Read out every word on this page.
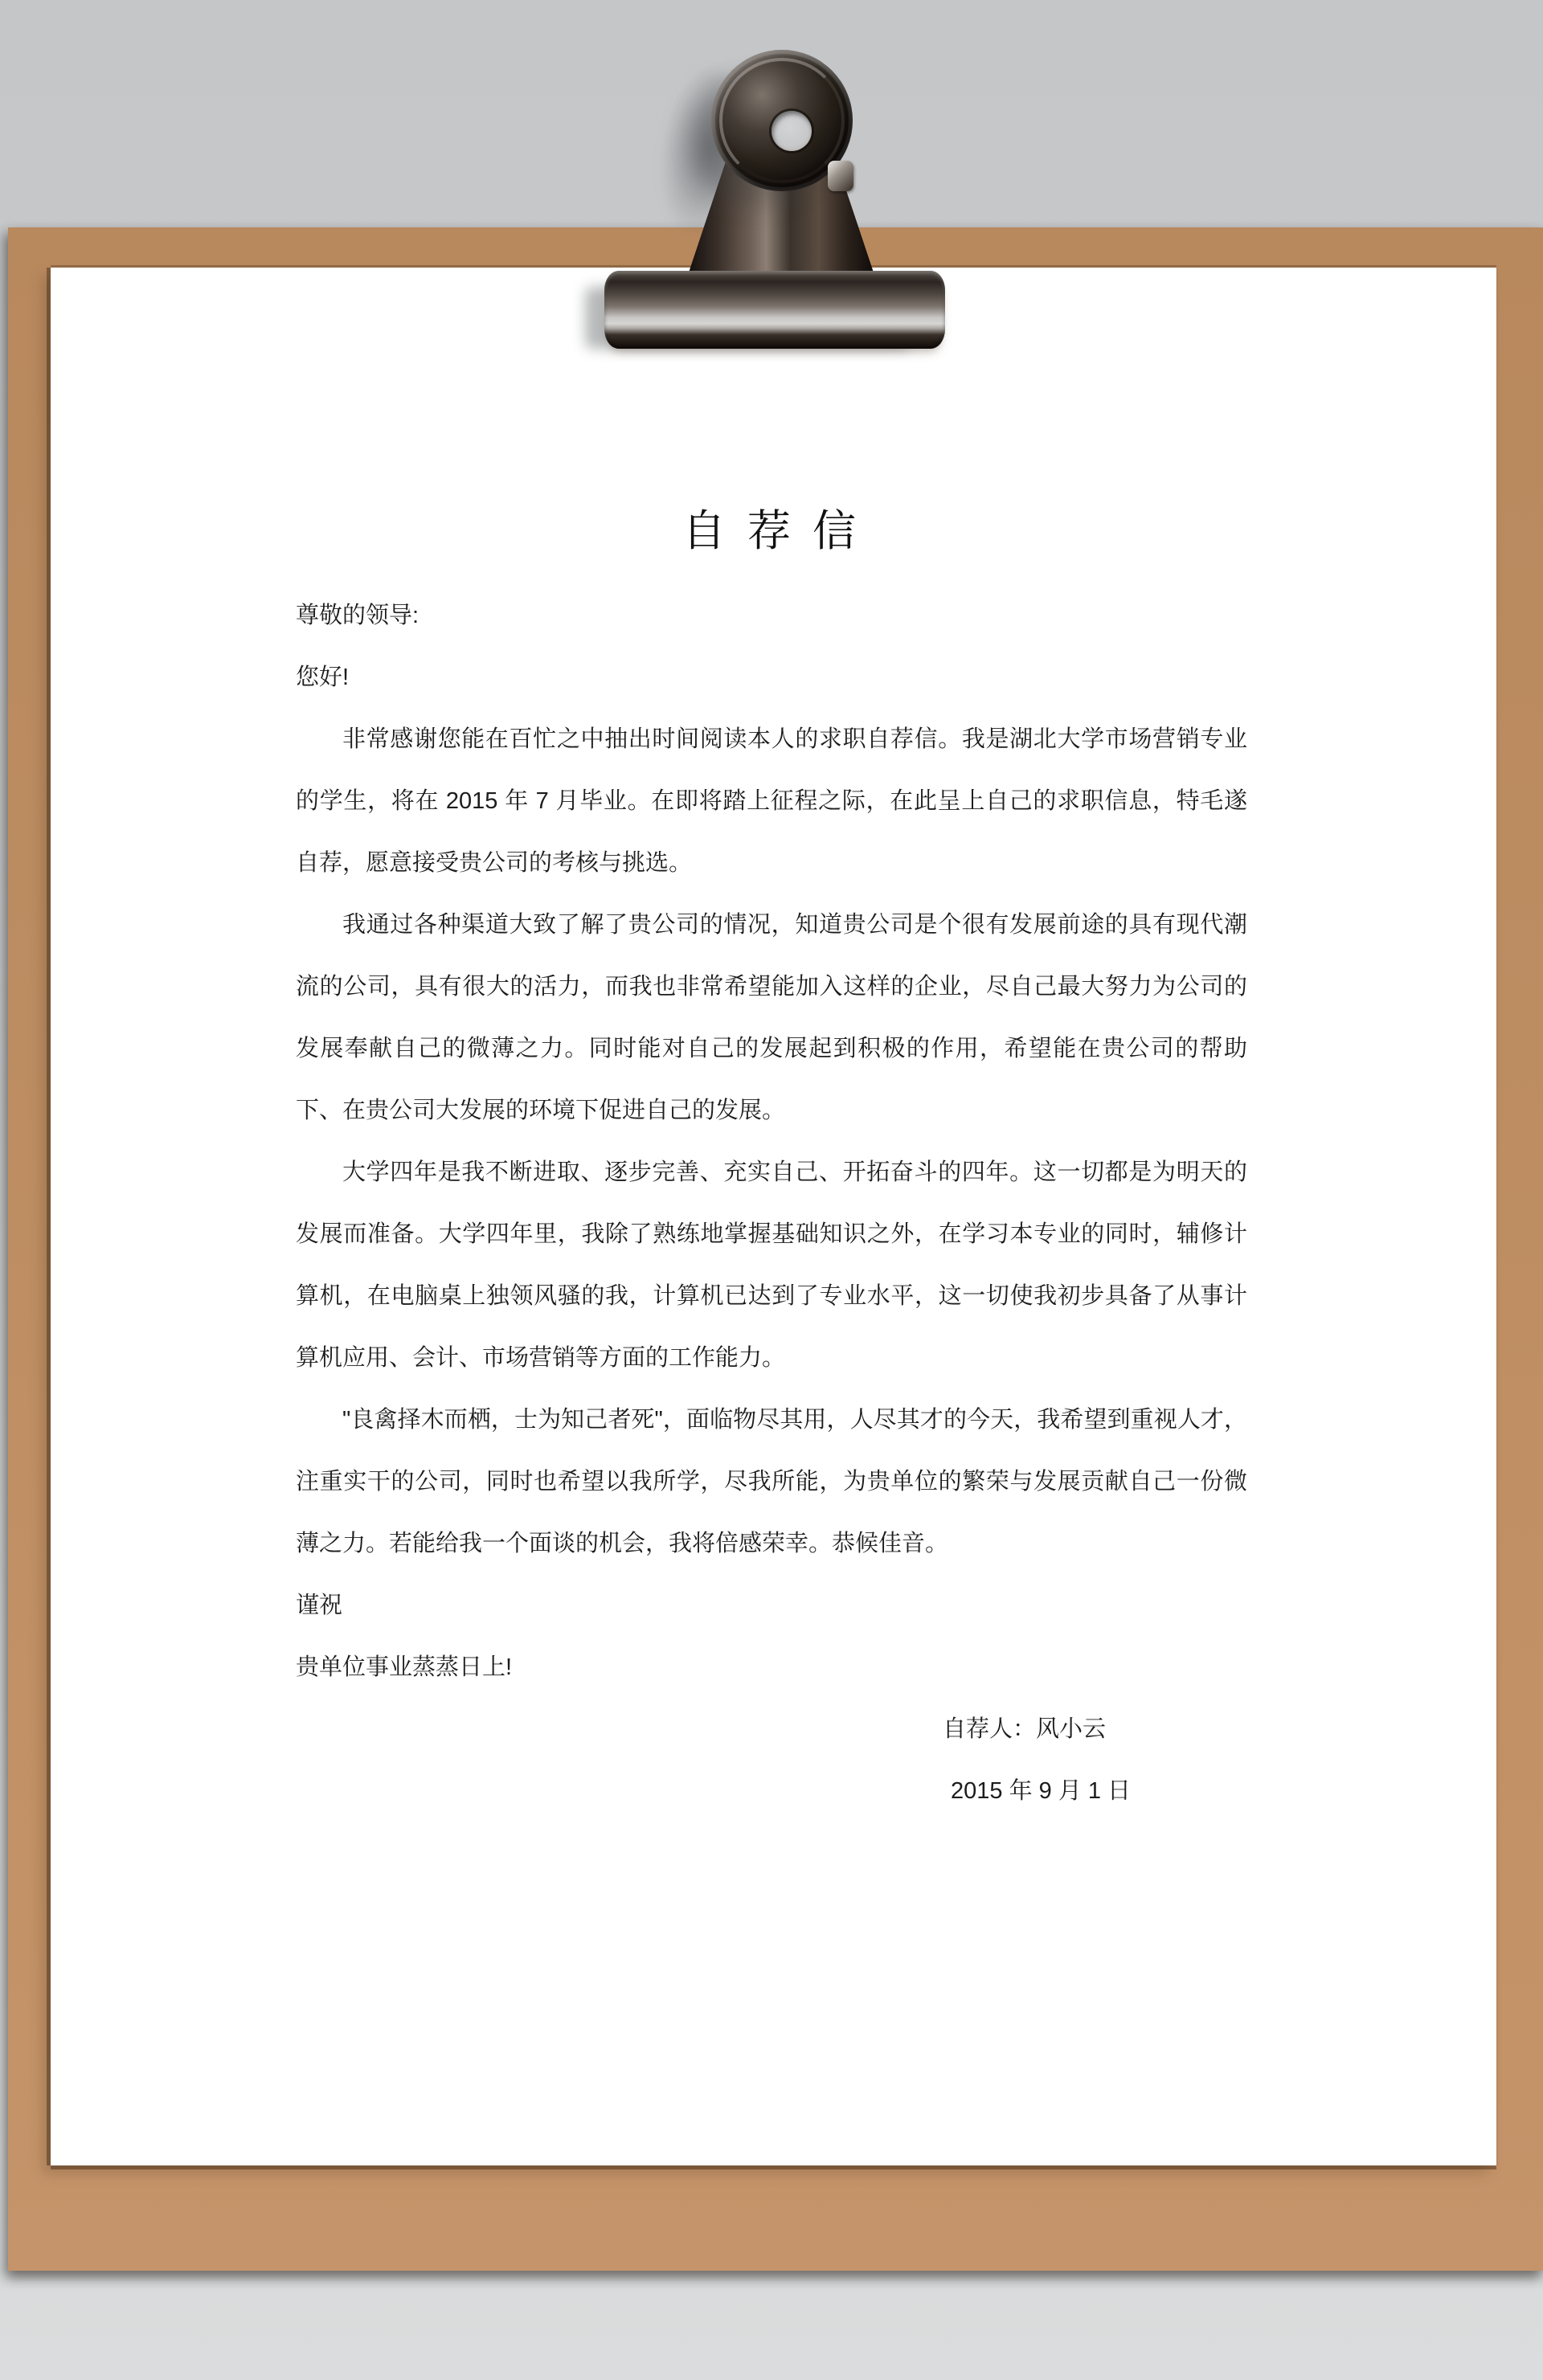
自 荐 信

尊敬的领导:

您好!

非常感谢您能在百忙之中抽出时间阅读本人的求职自荐信。我是湖北大学市场营销专业的学生，将在 2015 年 7 月毕业。在即将踏上征程之际，在此呈上自己的求职信息，特毛遂自荐，愿意接受贵公司的考核与挑选。

我通过各种渠道大致了解了贵公司的情况，知道贵公司是个很有发展前途的具有现代潮流的公司，具有很大的活力，而我也非常希望能加入这样的企业，尽自己最大努力为公司的发展奉献自己的微薄之力。同时能对自己的发展起到积极的作用，希望能在贵公司的帮助下、在贵公司大发展的环境下促进自己的发展。

大学四年是我不断进取、逐步完善、充实自己、开拓奋斗的四年。这一切都是为明天的发展而准备。大学四年里，我除了熟练地掌握基础知识之外，在学习本专业的同时，辅修计算机，在电脑桌上独领风骚的我，计算机已达到了专业水平，这一切使我初步具备了从事计算机应用、会计、市场营销等方面的工作能力。

"良禽择木而栖，士为知己者死"，面临物尽其用，人尽其才的今天，我希望到重视人才，注重实干的公司，同时也希望以我所学，尽我所能，为贵单位的繁荣与发展贡献自己一份微薄之力。若能给我一个面谈的机会，我将倍感荣幸。恭候佳音。

谨祝

贵单位事业蒸蒸日上!

自荐人：风小云

2015 年 9 月 1 日
